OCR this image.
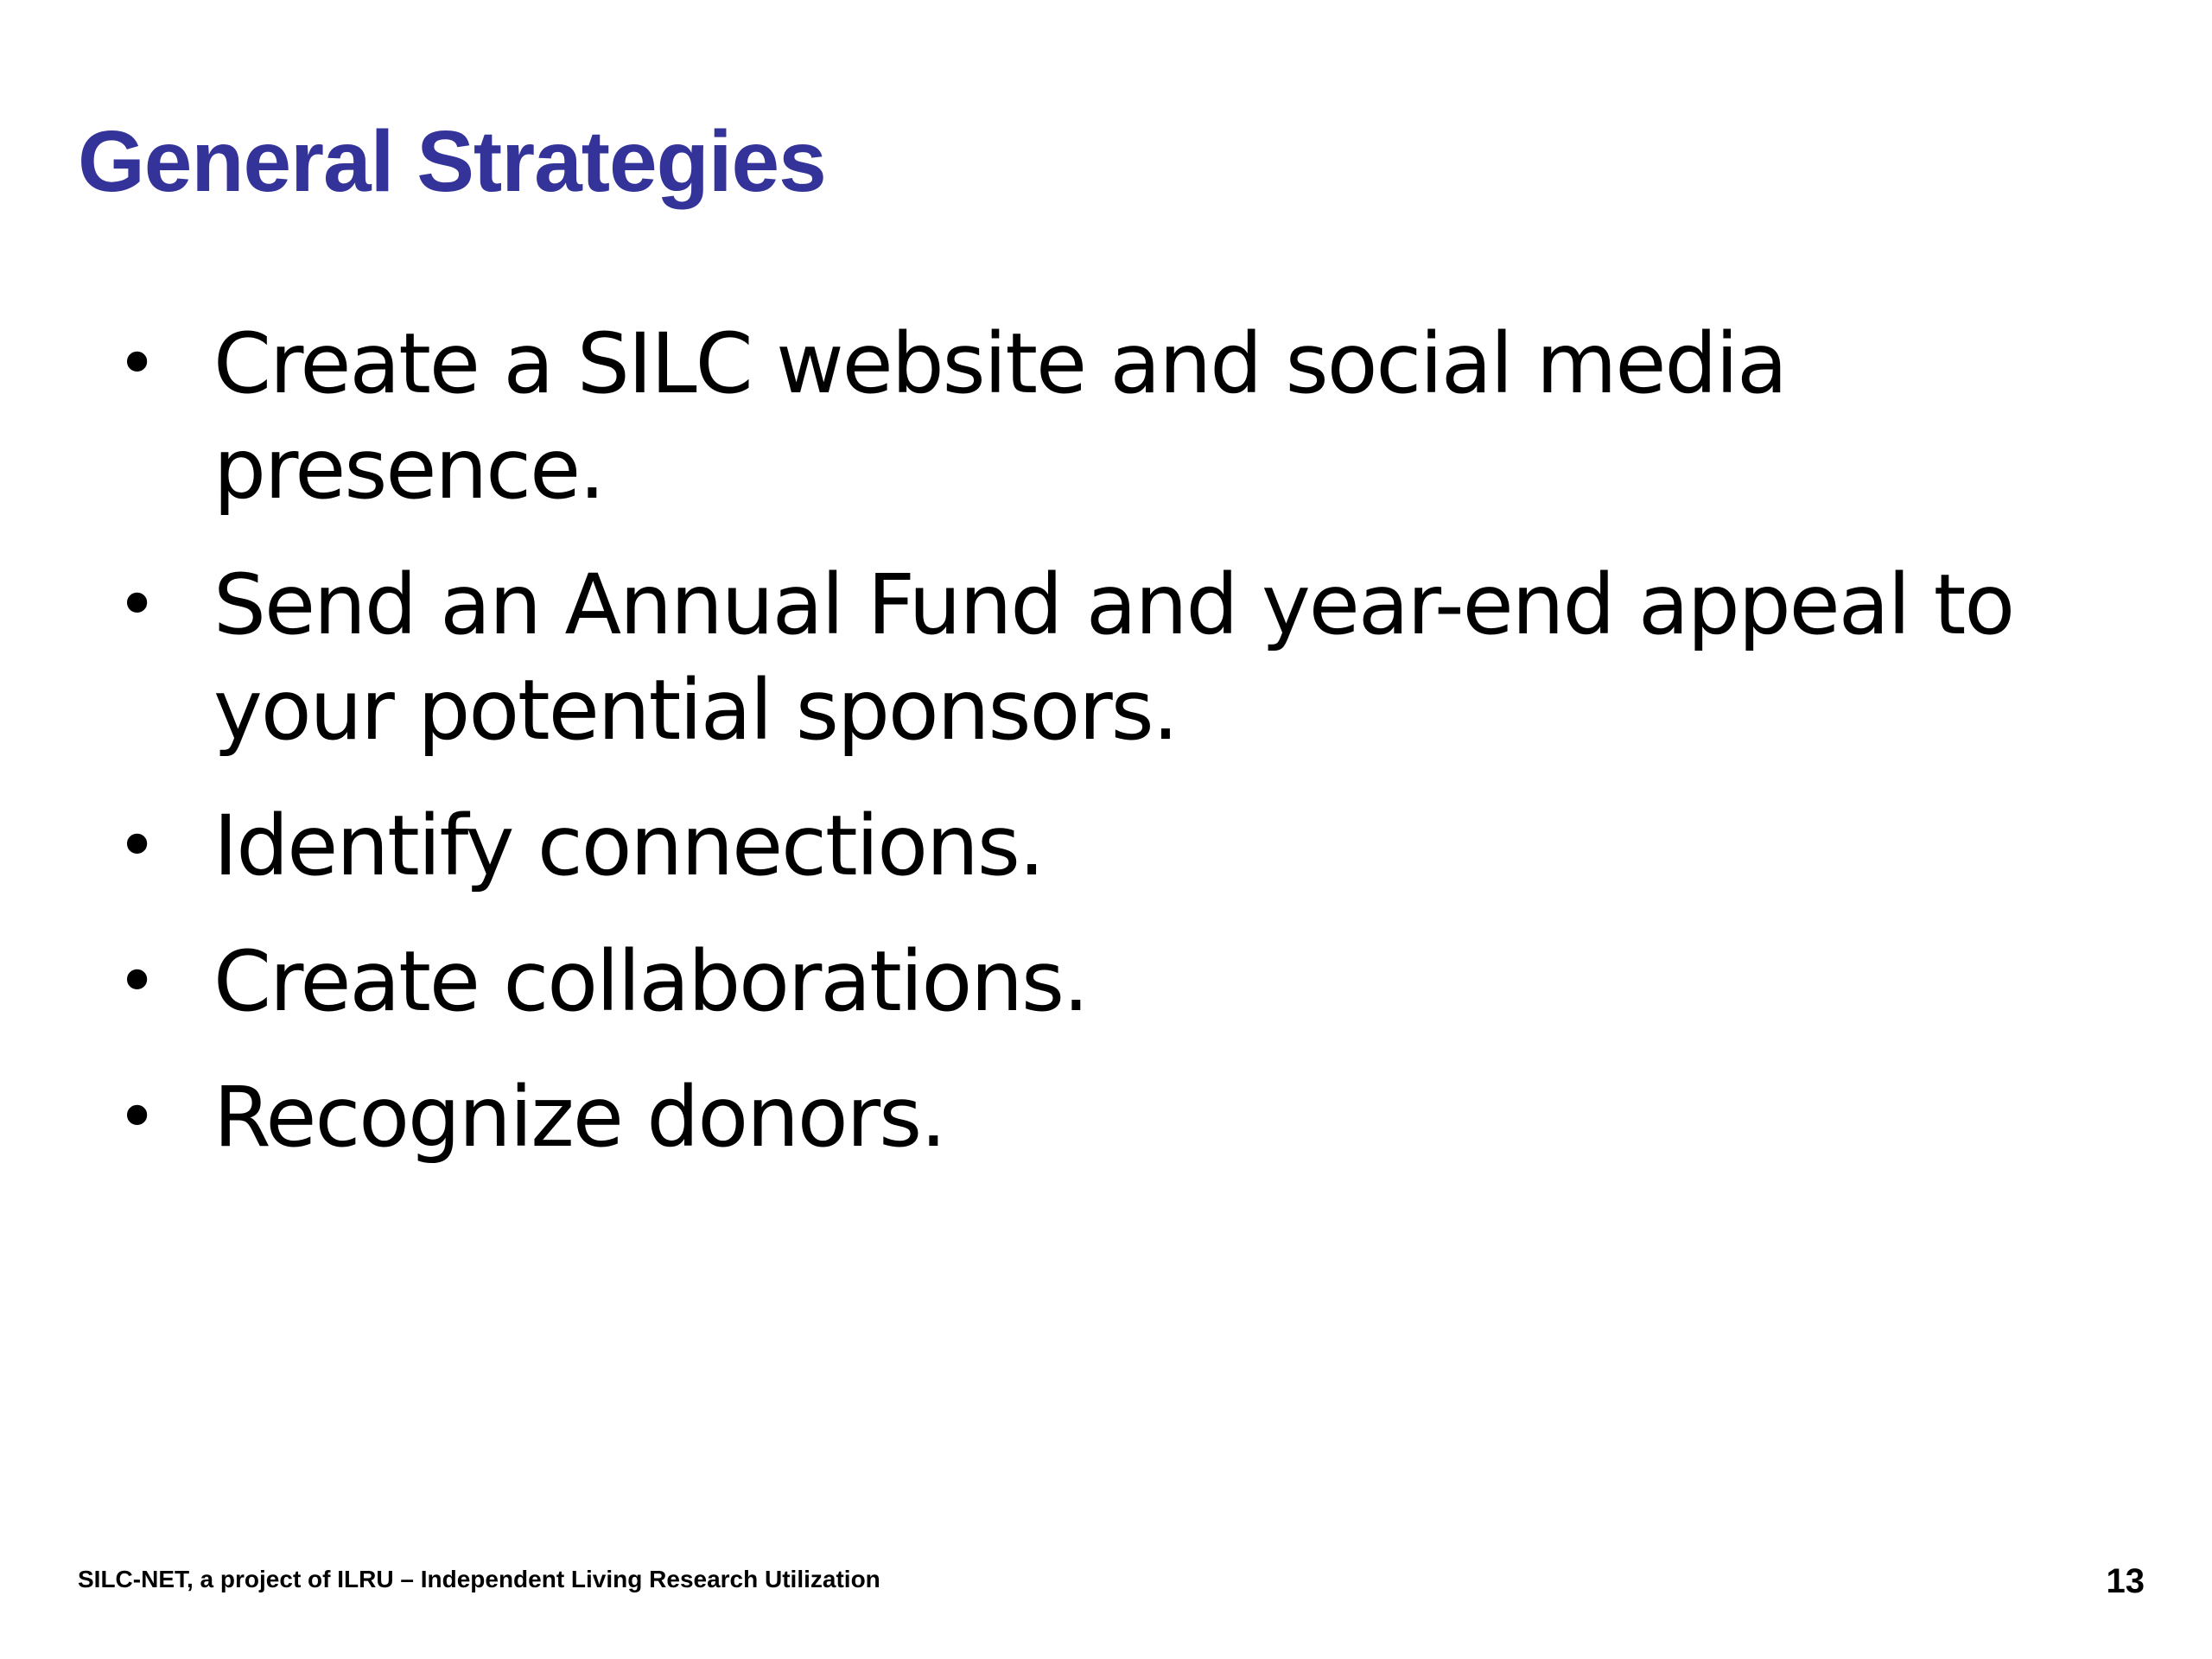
General Strategies
• Create a SILC website and social media presence.
• Send an Annual Fund and year-end appeal to your potential sponsors.
• Identify connections.
• Create collaborations.
• Recognize donors.
SILC-NET, a project of ILRU – Independent Living Research Utilization	13
